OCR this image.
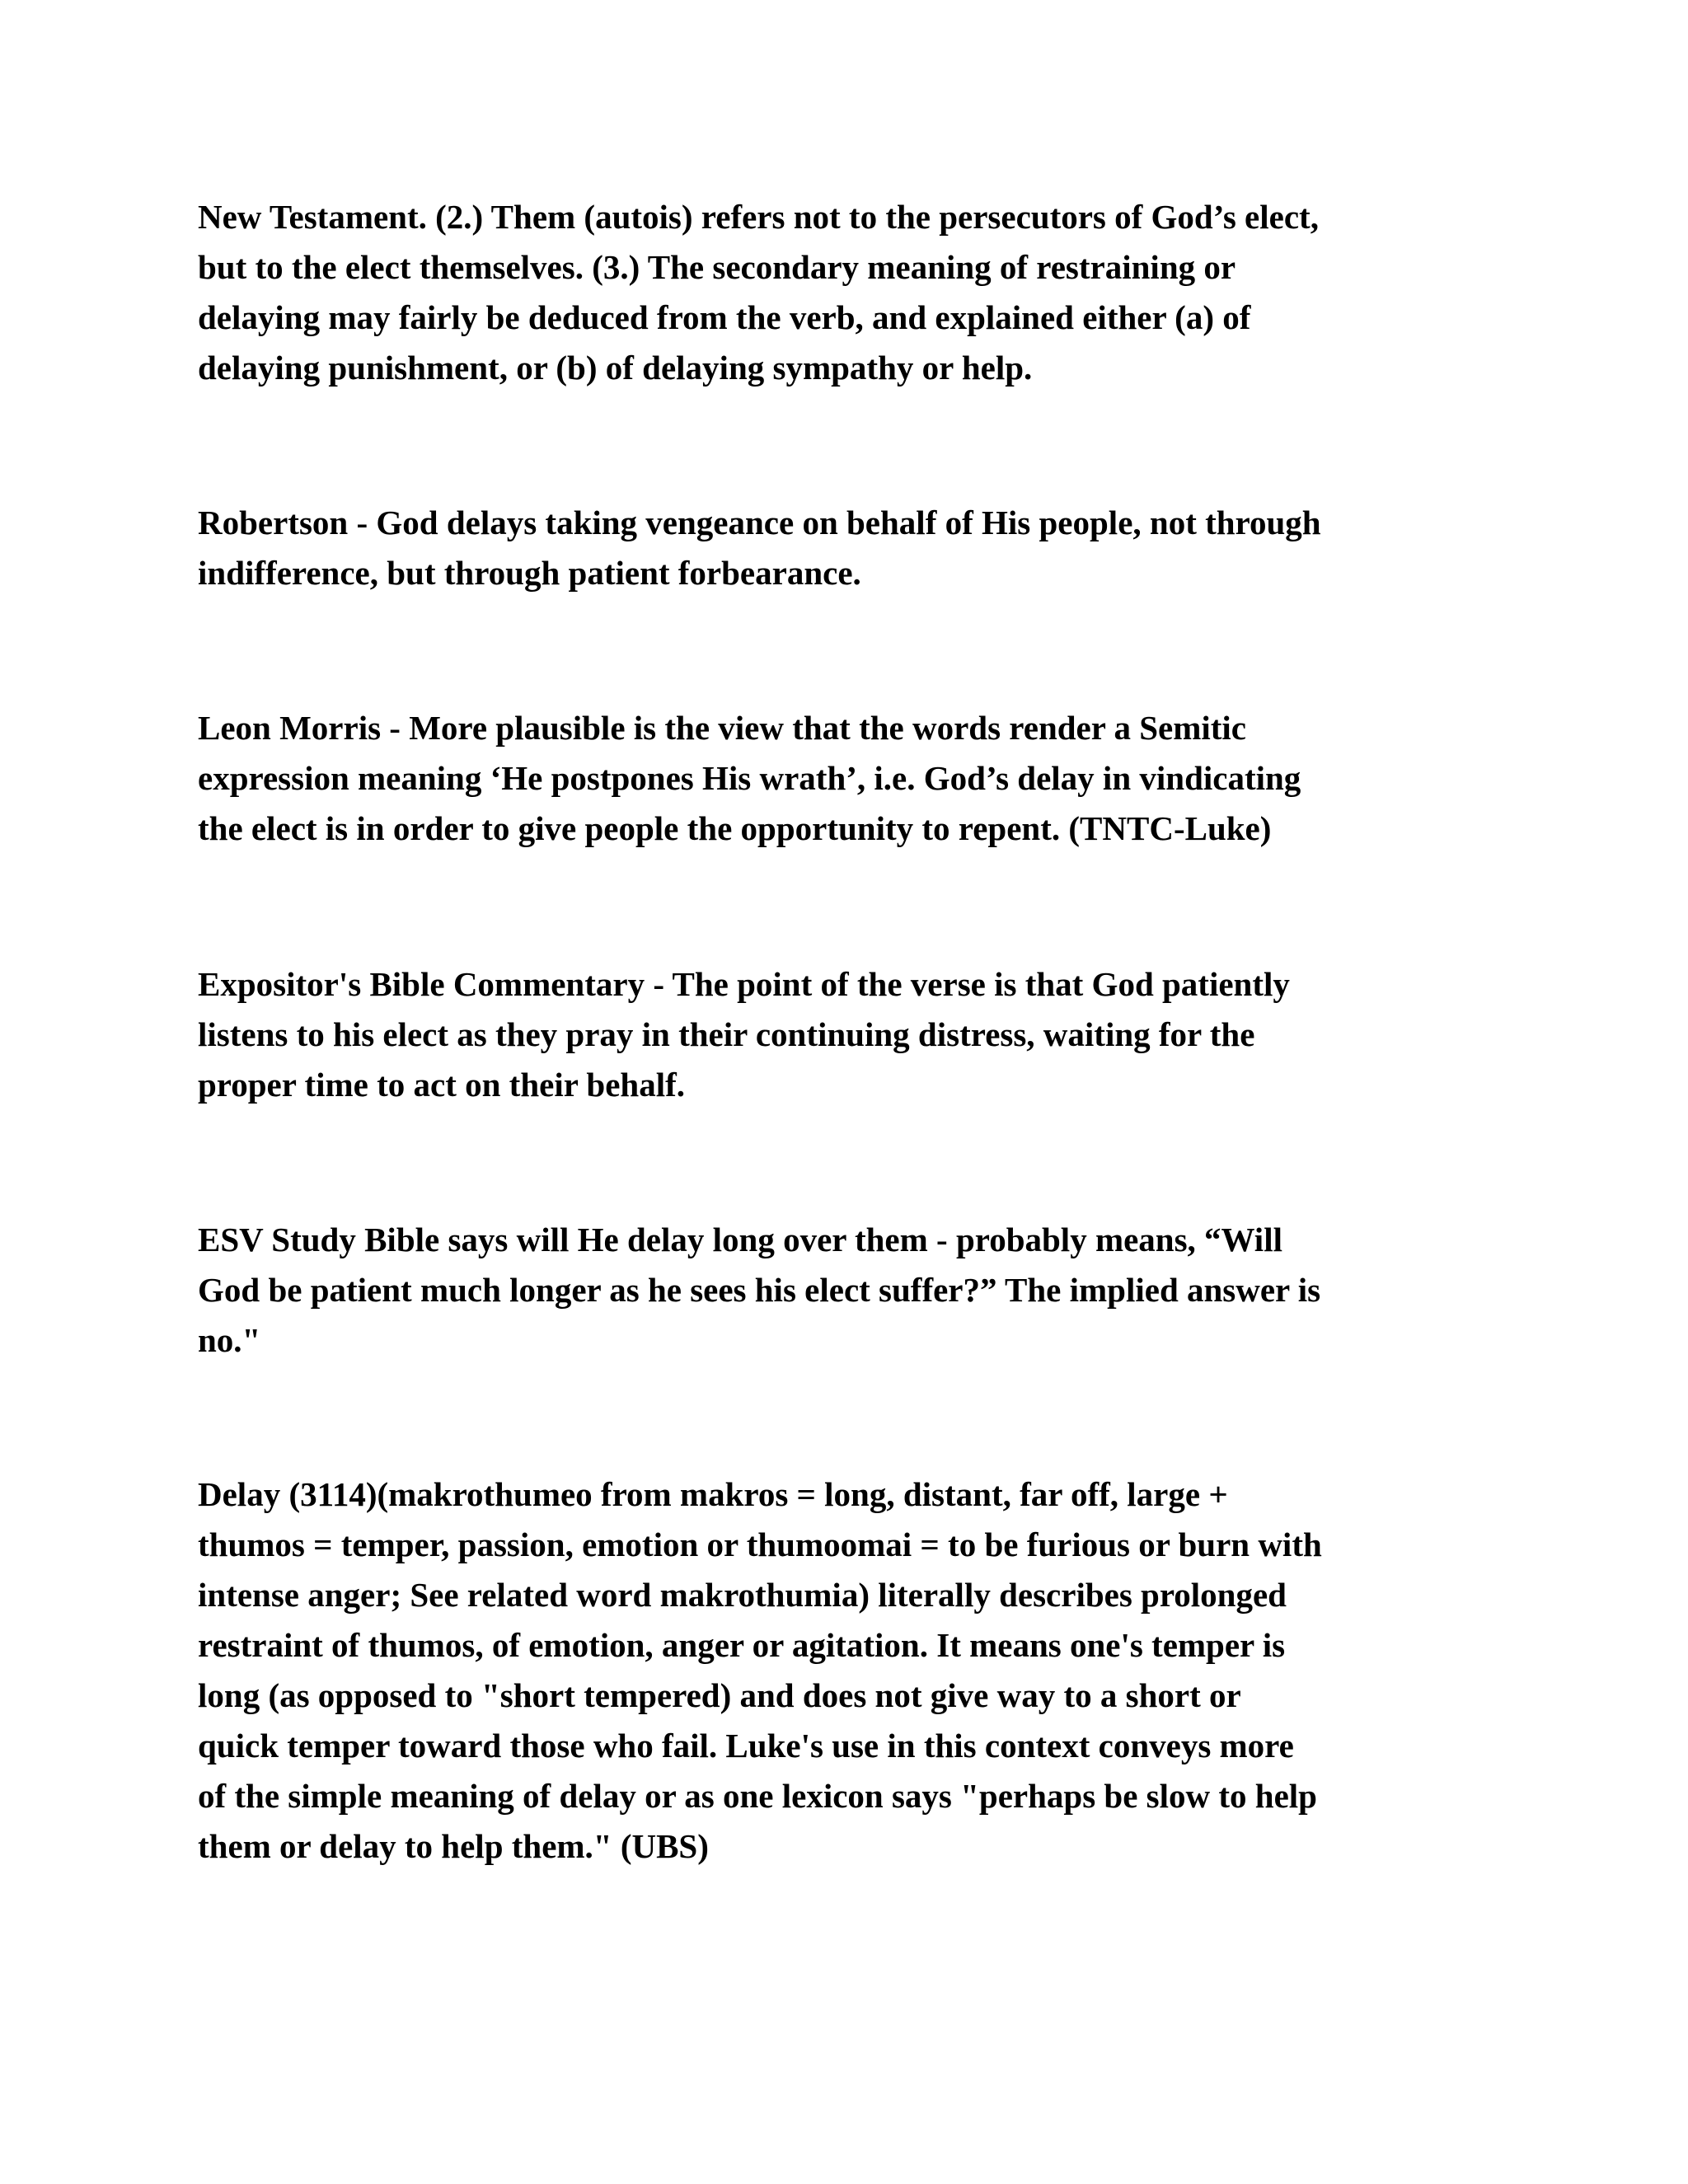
New Testament. (2.) Them (autois) refers not to the persecutors of God’s elect,
but to the elect themselves. (3.) The secondary meaning of restraining or
delaying may fairly be deduced from the verb, and explained either (a) of
delaying punishment, or (b) of delaying sympathy or help.

Robertson - God delays taking vengeance on behalf of His people, not through
indifference, but through patient forbearance.

Leon Morris - More plausible is the view that the words render a Semitic
expression meaning ‘He postpones His wrath’, i.e. God’s delay in vindicating
the elect is in order to give people the opportunity to repent. (TNTC-Luke)

Expositor's Bible Commentary - The point of the verse is that God patiently
listens to his elect as they pray in their continuing distress, waiting for the
proper time to act on their behalf.

ESV Study Bible says will He delay long over them - probably means, “Will
God be patient much longer as he sees his elect suffer?” The implied answer is
no."

Delay (3114)(makrothumeo from makros = long, distant, far off, large +
thumos = temper, passion, emotion or thumoomai = to be furious or burn with
intense anger; See related word makrothumia) literally describes prolonged
restraint of thumos, of emotion, anger or agitation. It means one's temper is
long (as opposed to "short tempered) and does not give way to a short or
quick temper toward those who fail. Luke's use in this context conveys more
of the simple meaning of delay or as one lexicon says "perhaps be slow to help
them or delay to help them." (UBS)
